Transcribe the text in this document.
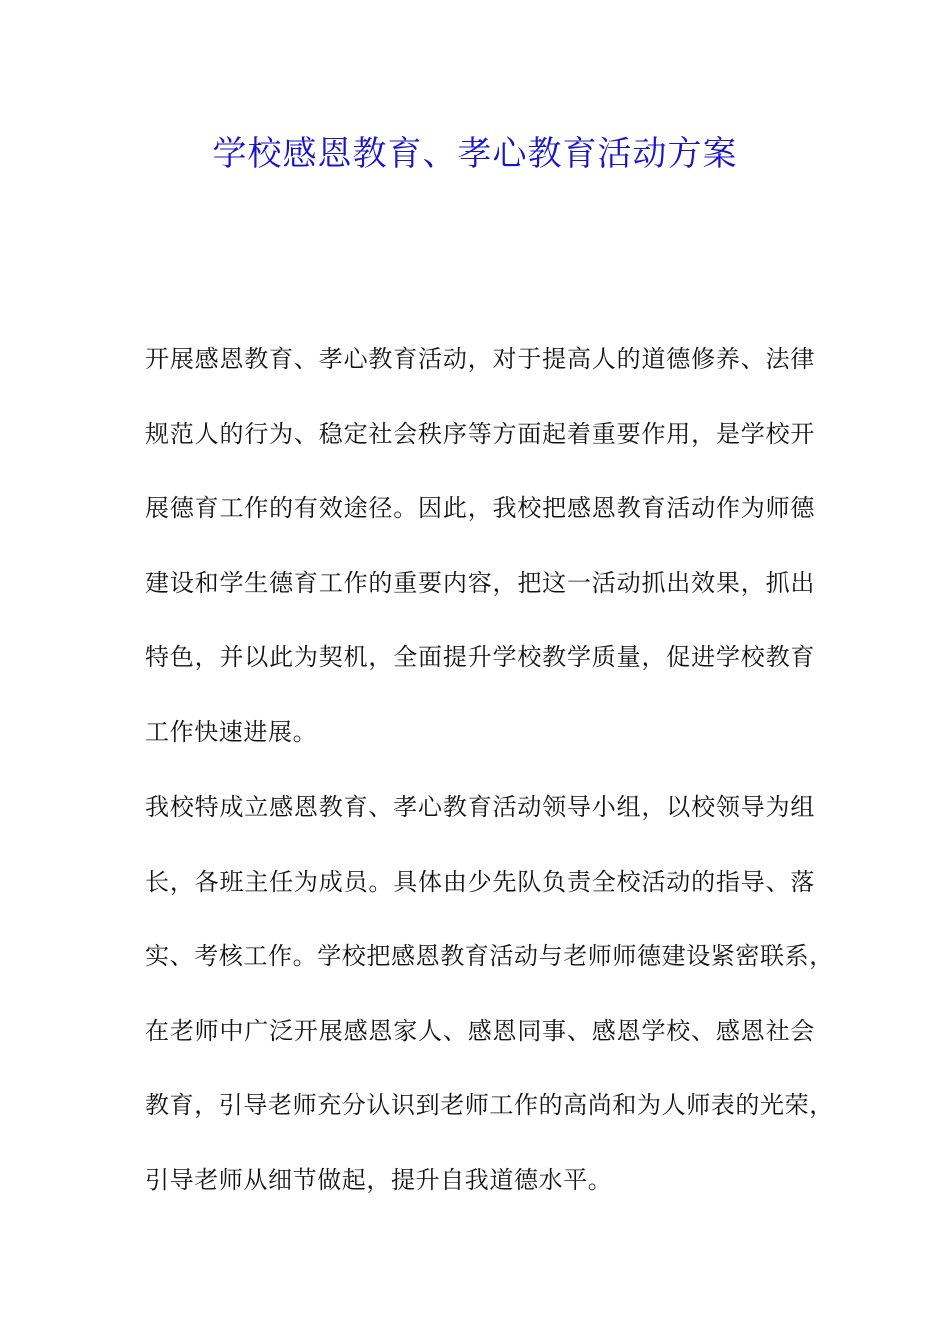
学校感恩教育、孝心教育活动方案
开展感恩教育、孝心教育活动，对于提高人的道德修养、法律
规范人的行为、稳定社会秩序等方面起着重要作用，是学校开
展德育工作的有效途径。因此，我校把感恩教育活动作为师德
建设和学生德育工作的重要内容，把这一活动抓出效果，抓出
特色，并以此为契机，全面提升学校教学质量，促进学校教育
工作快速进展。
我校特成立感恩教育、孝心教育活动领导小组，以校领导为组
长，各班主任为成员。具体由少先队负责全校活动的指导、落
实、考核工作。学校把感恩教育活动与老师师德建设紧密联系，
在老师中广泛开展感恩家人、感恩同事、感恩学校、感恩社会
教育，引导老师充分认识到老师工作的高尚和为人师表的光荣，
引导老师从细节做起，提升自我道德水平。
